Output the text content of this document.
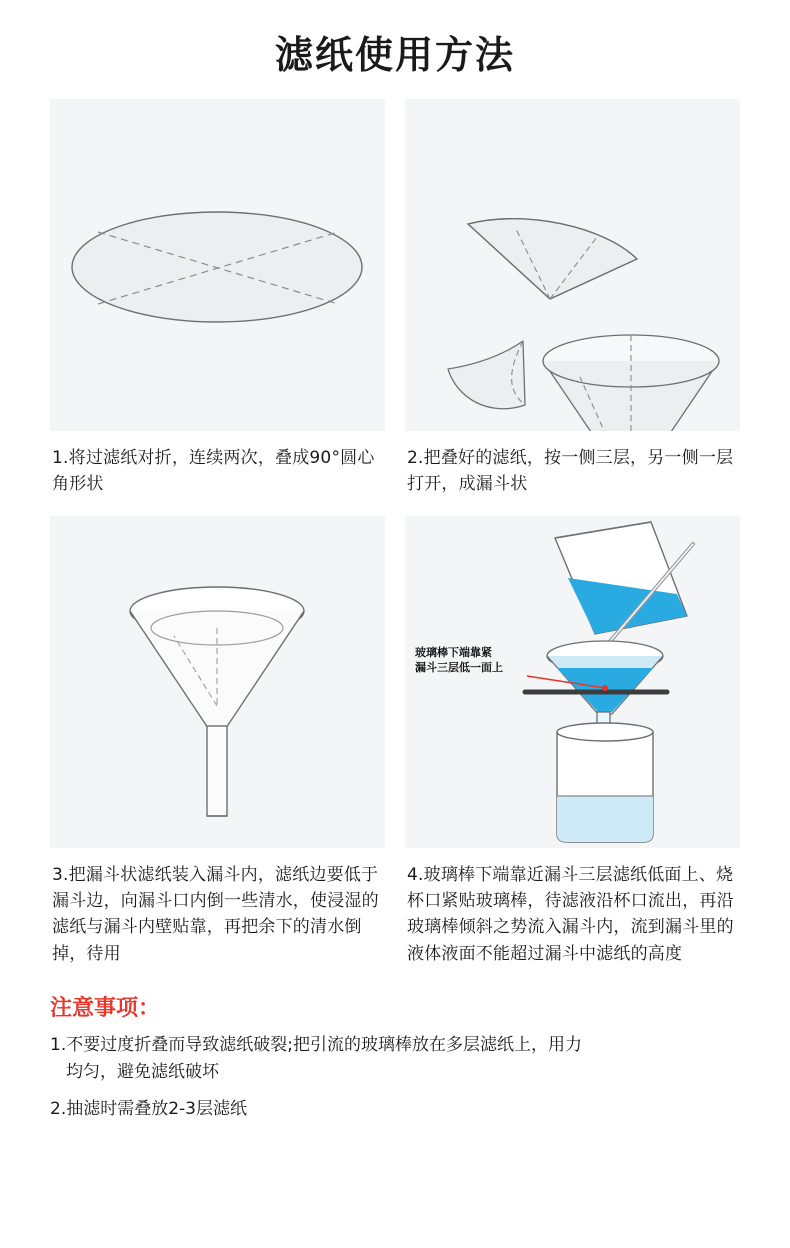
滤纸使用方法
1.将过滤纸对折，连续两次，叠成90°圆心角形状
2.把叠好的滤纸，按一侧三层，另一侧一层打开，成漏斗状
3.把漏斗状滤纸装入漏斗内，滤纸边要低于漏斗边，向漏斗口内倒一些清水，使浸湿的滤纸与漏斗内壁贴靠，再把余下的清水倒掉，待用
玻璃棒下端靠紧
漏斗三层低一面上
4.玻璃棒下端靠近漏斗三层滤纸低面上、烧杯口紧贴玻璃棒，待滤液沿杯口流出，再沿玻璃棒倾斜之势流入漏斗内，流到漏斗里的液体液面不能超过漏斗中滤纸的高度
注意事项：
1.不要过度折叠而导致滤纸破裂;把引流的玻璃棒放在多层滤纸上，用力
均匀，避免滤纸破坏
2.抽滤时需叠放2-3层滤纸
